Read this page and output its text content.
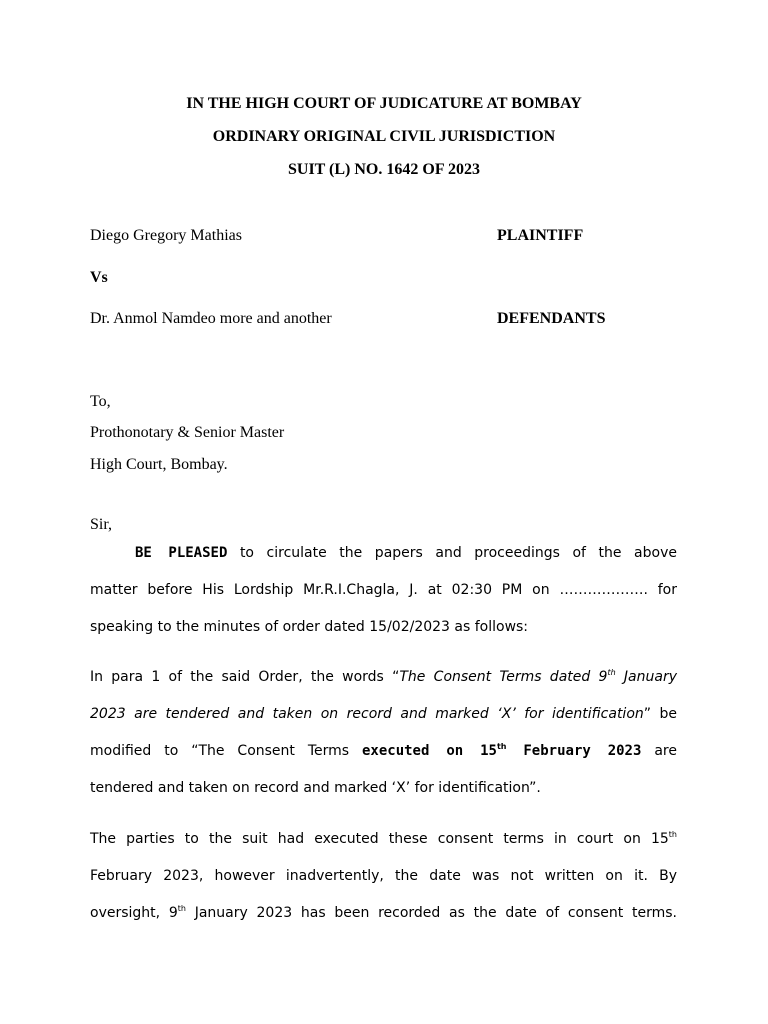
IN THE HIGH COURT OF JUDICATURE AT BOMBAY
ORDINARY ORIGINAL CIVIL JURISDICTION
SUIT (L) NO. 1642 OF 2023
Diego Gregory Mathias	PLAINTIFF
Vs
Dr. Anmol Namdeo more and another	DEFENDANTS
To,
Prothonotary & Senior Master
High Court, Bombay.
Sir,
BE PLEASED to circulate the papers and proceedings of the above
matter before His Lordship Mr.R.I.Chagla, J. at 02:30 PM on ………………. for
speaking to the minutes of order dated 15/02/2023 as follows:
In para 1 of the said Order, the words “The Consent Terms dated 9th January
2023 are tendered and taken on record and marked ‘X’ for identification” be
modified to “The Consent Terms executed on 15th February 2023 are
tendered and taken on record and marked ‘X’ for identification”.
The parties to the suit had executed these consent terms in court on 15th
February 2023, however inadvertently, the date was not written on it. By
oversight, 9th January 2023 has been recorded as the date of consent terms.
